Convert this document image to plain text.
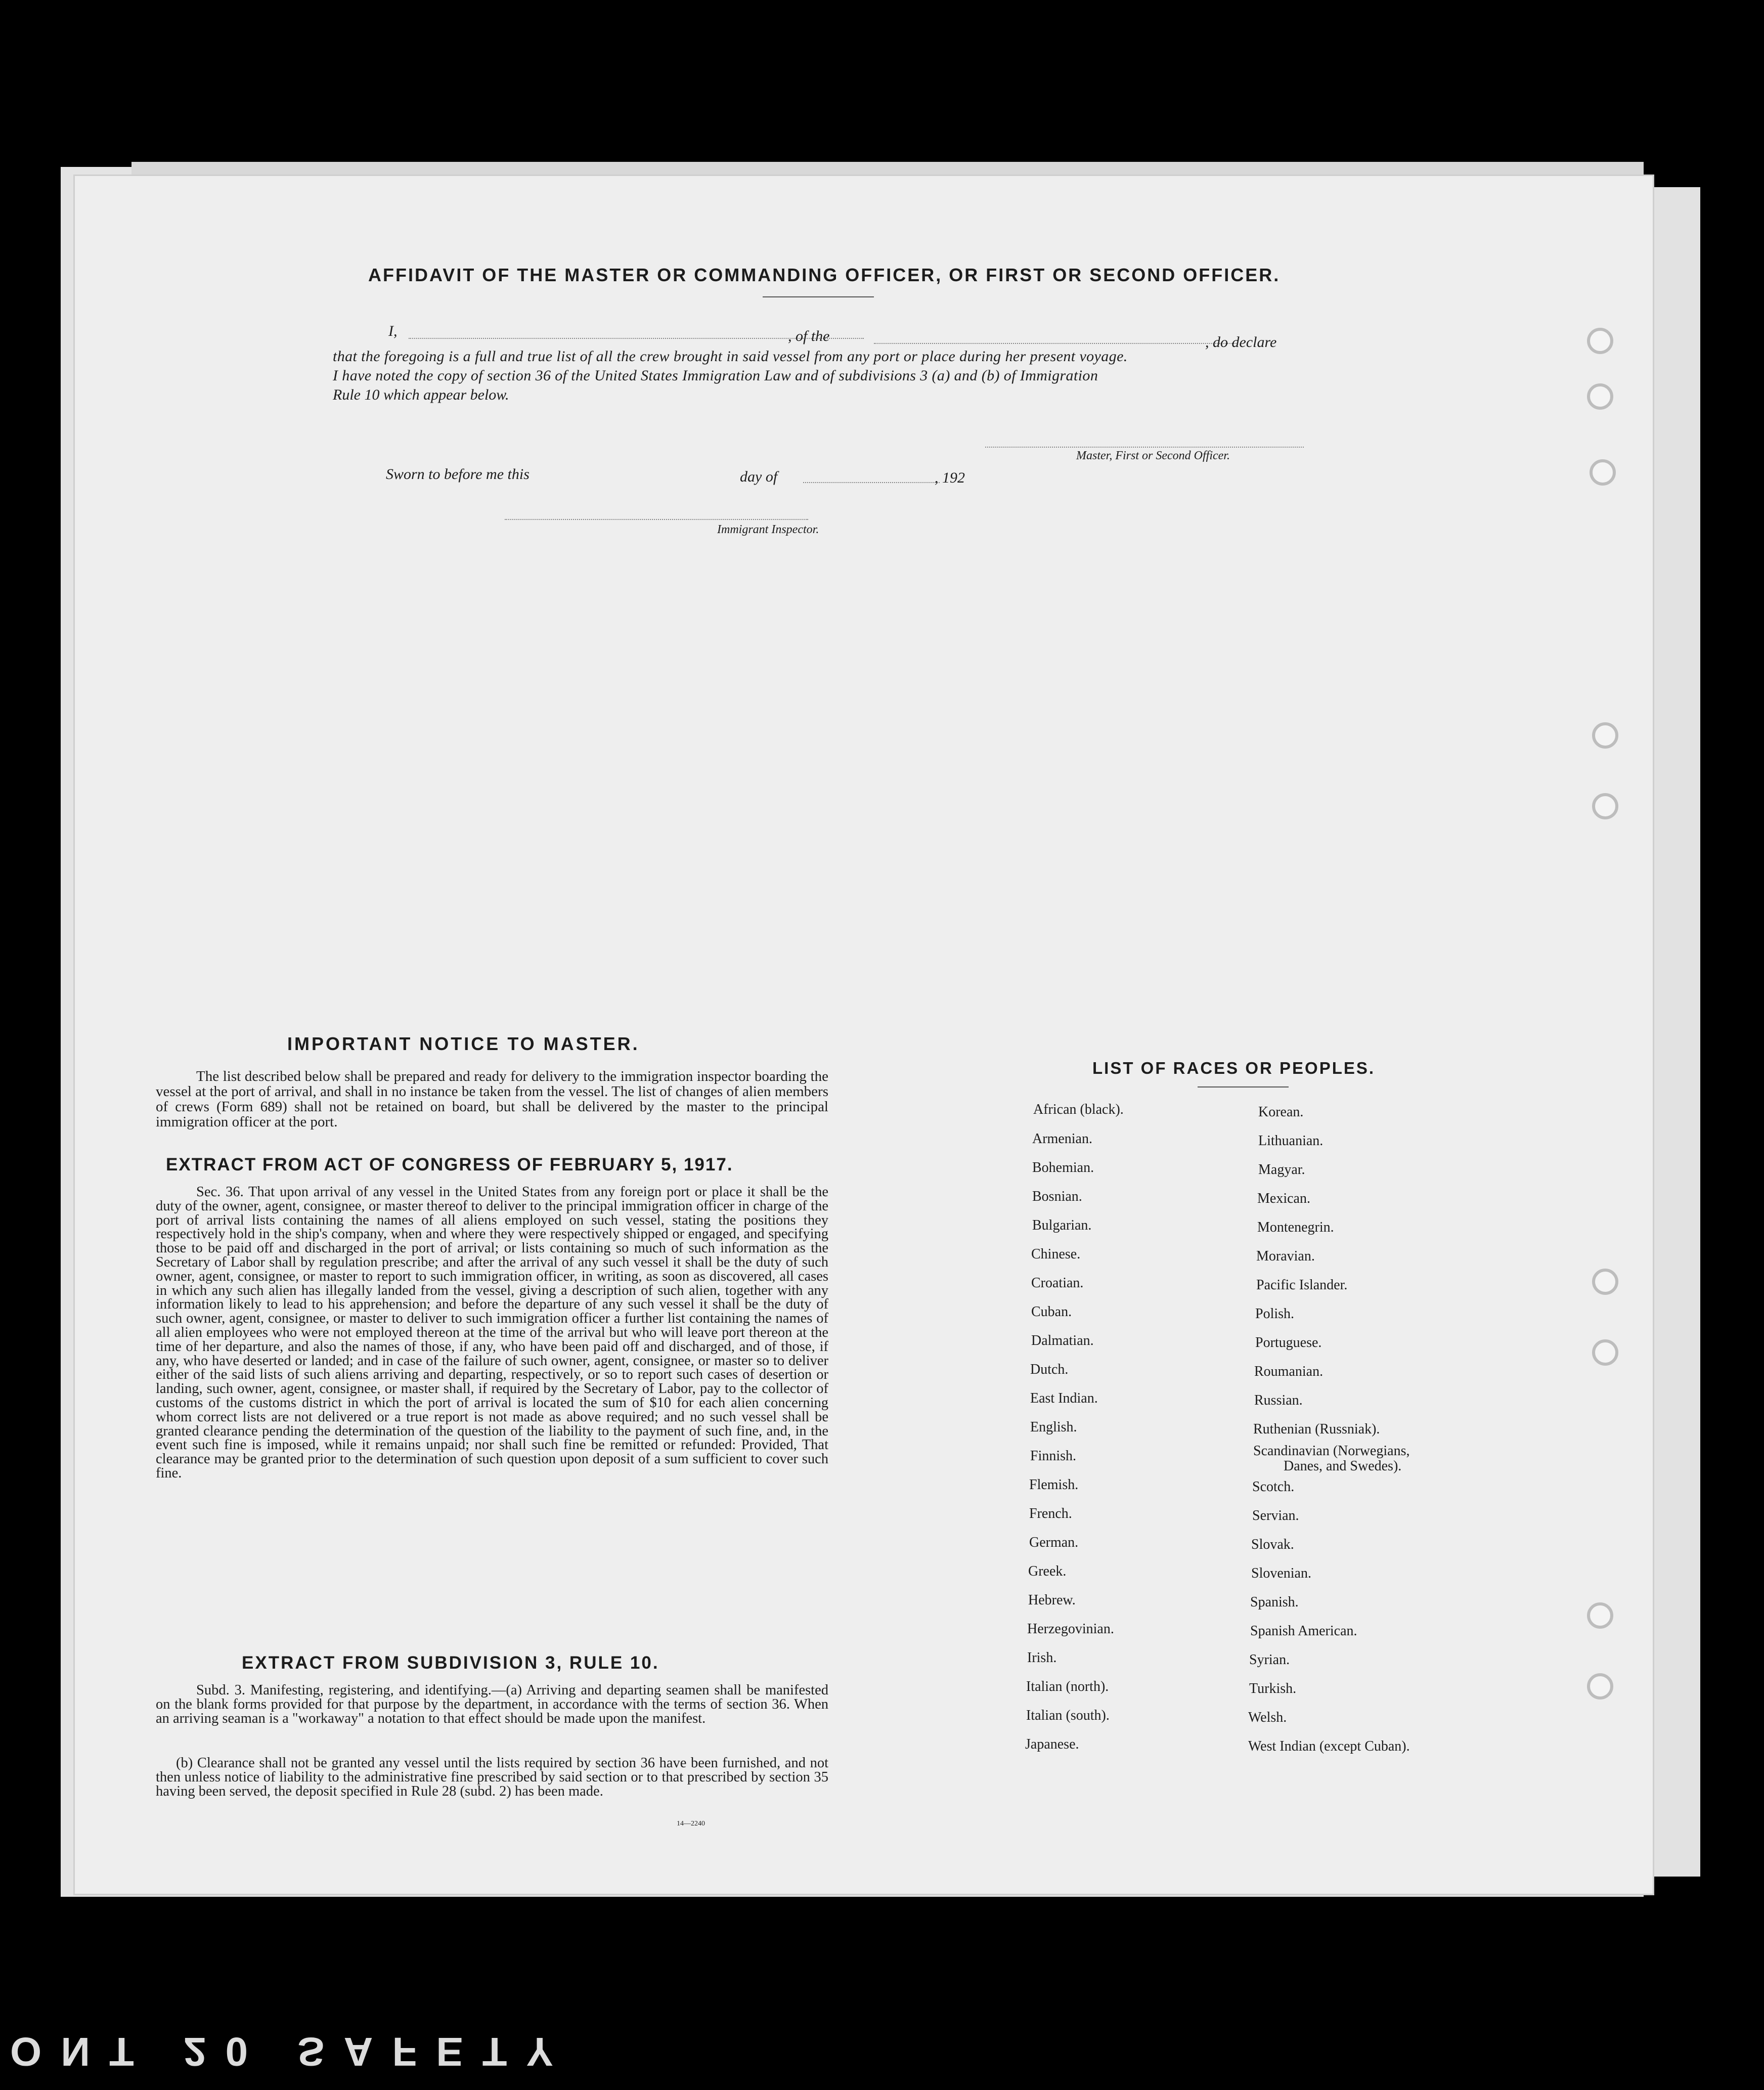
AFFIDAVIT OF THE MASTER OR COMMANDING OFFICER, OR FIRST OR SECOND OFFICER.
I,	, of the	, do declare
that the foregoing is a full and true list of all the crew brought in said vessel from any port or place during her present voyage.
I have noted the copy of section 36 of the United States Immigration Law and of subdivisions 3 (a) and (b) of Immigration
Rule 10 which appear below.
Master, First or Second Officer.
Sworn to before me this	day of	, 192
Immigrant Inspector.
IMPORTANT NOTICE TO MASTER.
The list described below shall be prepared and ready for delivery to the immigration inspector boarding the vessel at the port of arrival, and shall in no instance be taken from the vessel. The list of changes of alien members of crews (Form 689) shall not be retained on board, but shall be delivered by the master to the principal immigration officer at the port.
EXTRACT FROM ACT OF CONGRESS OF FEBRUARY 5, 1917.
Sec. 36. That upon arrival of any vessel in the United States from any foreign port or place it shall be the duty of the owner, agent, consignee, or master thereof to deliver to the principal immigration officer in charge of the port of arrival lists containing the names of all aliens employed on such vessel, stating the positions they respectively hold in the ship's company, when and where they were respectively shipped or engaged, and specifying those to be paid off and discharged in the port of arrival; or lists containing so much of such information as the Secretary of Labor shall by regulation prescribe; and after the arrival of any such vessel it shall be the duty of such owner, agent, consignee, or master to report to such immigration officer, in writing, as soon as discovered, all cases in which any such alien has illegally landed from the vessel, giving a description of such alien, together with any information likely to lead to his apprehension; and before the departure of any such vessel it shall be the duty of such owner, agent, consignee, or master to deliver to such immigration officer a further list containing the names of all alien employees who were not employed thereon at the time of the arrival but who will leave port thereon at the time of her departure, and also the names of those, if any, who have been paid off and discharged, and of those, if any, who have deserted or landed; and in case of the failure of such owner, agent, consignee, or master so to deliver either of the said lists of such aliens arriving and departing, respectively, or so to report such cases of desertion or landing, such owner, agent, consignee, or master shall, if required by the Secretary of Labor, pay to the collector of customs of the customs district in which the port of arrival is located the sum of $10 for each alien concerning whom correct lists are not delivered or a true report is not made as above required; and no such vessel shall be granted clearance pending the determination of the question of the liability to the payment of such fine, and, in the event such fine is imposed, while it remains unpaid; nor shall such fine be remitted or refunded: Provided, That clearance may be granted prior to the determination of such question upon deposit of a sum sufficient to cover such fine.
EXTRACT FROM SUBDIVISION 3, RULE 10.
Subd. 3. Manifesting, registering, and identifying.—(a) Arriving and departing seamen shall be manifested on the blank forms provided for that purpose by the department, in accordance with the terms of section 36. When an arriving seaman is a "workaway" a notation to that effect should be made upon the manifest.
(b) Clearance shall not be granted any vessel until the lists required by section 36 have been furnished, and not then unless notice of liability to the administrative fine prescribed by said section or to that prescribed by section 35 having been served, the deposit specified in Rule 28 (subd. 2) has been made.
14—2240
LIST OF RACES OR PEOPLES.
African (black).
Armenian.
Bohemian.
Bosnian.
Bulgarian.
Chinese.
Croatian.
Cuban.
Dalmatian.
Dutch.
East Indian.
English.
Finnish.
Flemish.
French.
German.
Greek.
Hebrew.
Herzegovinian.
Irish.
Italian (north).
Italian (south).
Japanese.
Korean.
Lithuanian.
Magyar.
Mexican.
Montenegrin.
Moravian.
Pacific Islander.
Polish.
Portuguese.
Roumanian.
Russian.
Ruthenian (Russniak).
Scandinavian (Norwegians,
Danes, and Swedes).
Scotch.
Servian.
Slovak.
Slovenian.
Spanish.
Spanish American.
Syrian.
Turkish.
Welsh.
West Indian (except Cuban).
ONT 20 SAFETY
